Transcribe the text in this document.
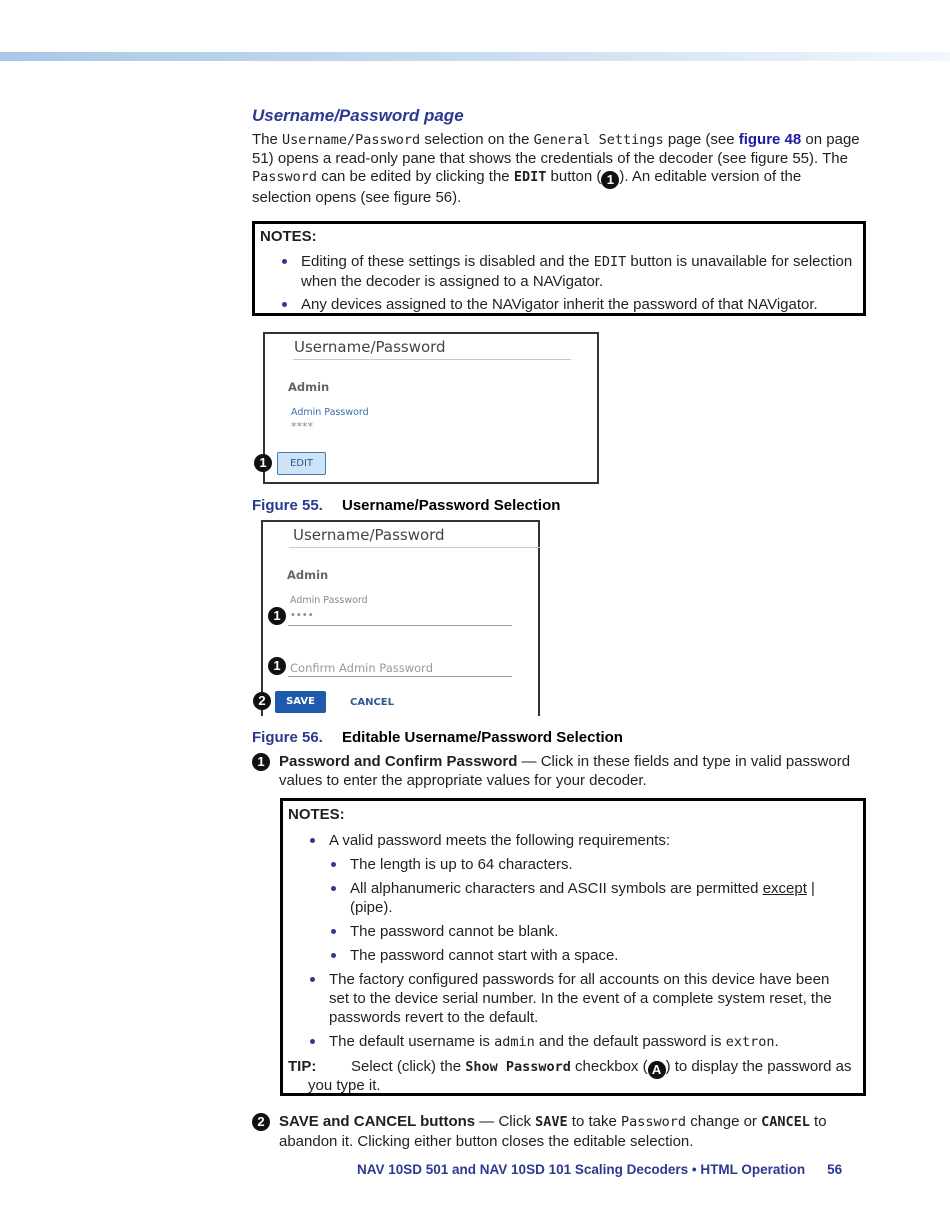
Username/Password page
The Username/Password selection on the General Settings page (see figure 48 on page 51) opens a read-only pane that shows the credentials of the decoder (see figure 55). The Password can be edited by clicking the EDIT button ( 1 ). An editable version of the selection opens (see figure 56).
NOTES:
Editing of these settings is disabled and the EDIT button is unavailable for selection when the decoder is assigned to a NAVigator.
Any devices assigned to the NAVigator inherit the password of that NAVigator.
Username/Password
Admin
Admin Password
****
EDIT
1
Figure 55. Username/Password Selection
Username/Password
Admin
Admin Password
••••
Confirm Admin Password
SAVE	CANCEL
1
1
2
Figure 56. Editable Username/Password Selection
1 Password and Confirm Password — Click in these fields and type in valid password values to enter the appropriate values for your decoder.
NOTES:
A valid password meets the following requirements:
The length is up to 64 characters.
All alphanumeric characters and ASCII symbols are permitted except | (pipe).
The password cannot be blank.
The password cannot start with a space.
The factory configured passwords for all accounts on this device have been set to the device serial number. In the event of a complete system reset, the passwords revert to the default.
The default username is admin and the default password is extron.
TIP: Select (click) the Show Password checkbox ( A ) to display the password as
you type it.
2 SAVE and CANCEL buttons — Click SAVE to take Password change or CANCEL to abandon it. Clicking either button closes the editable selection.
NAV 10SD 501 and NAV 10SD 101 Scaling Decoders • HTML Operation 56
